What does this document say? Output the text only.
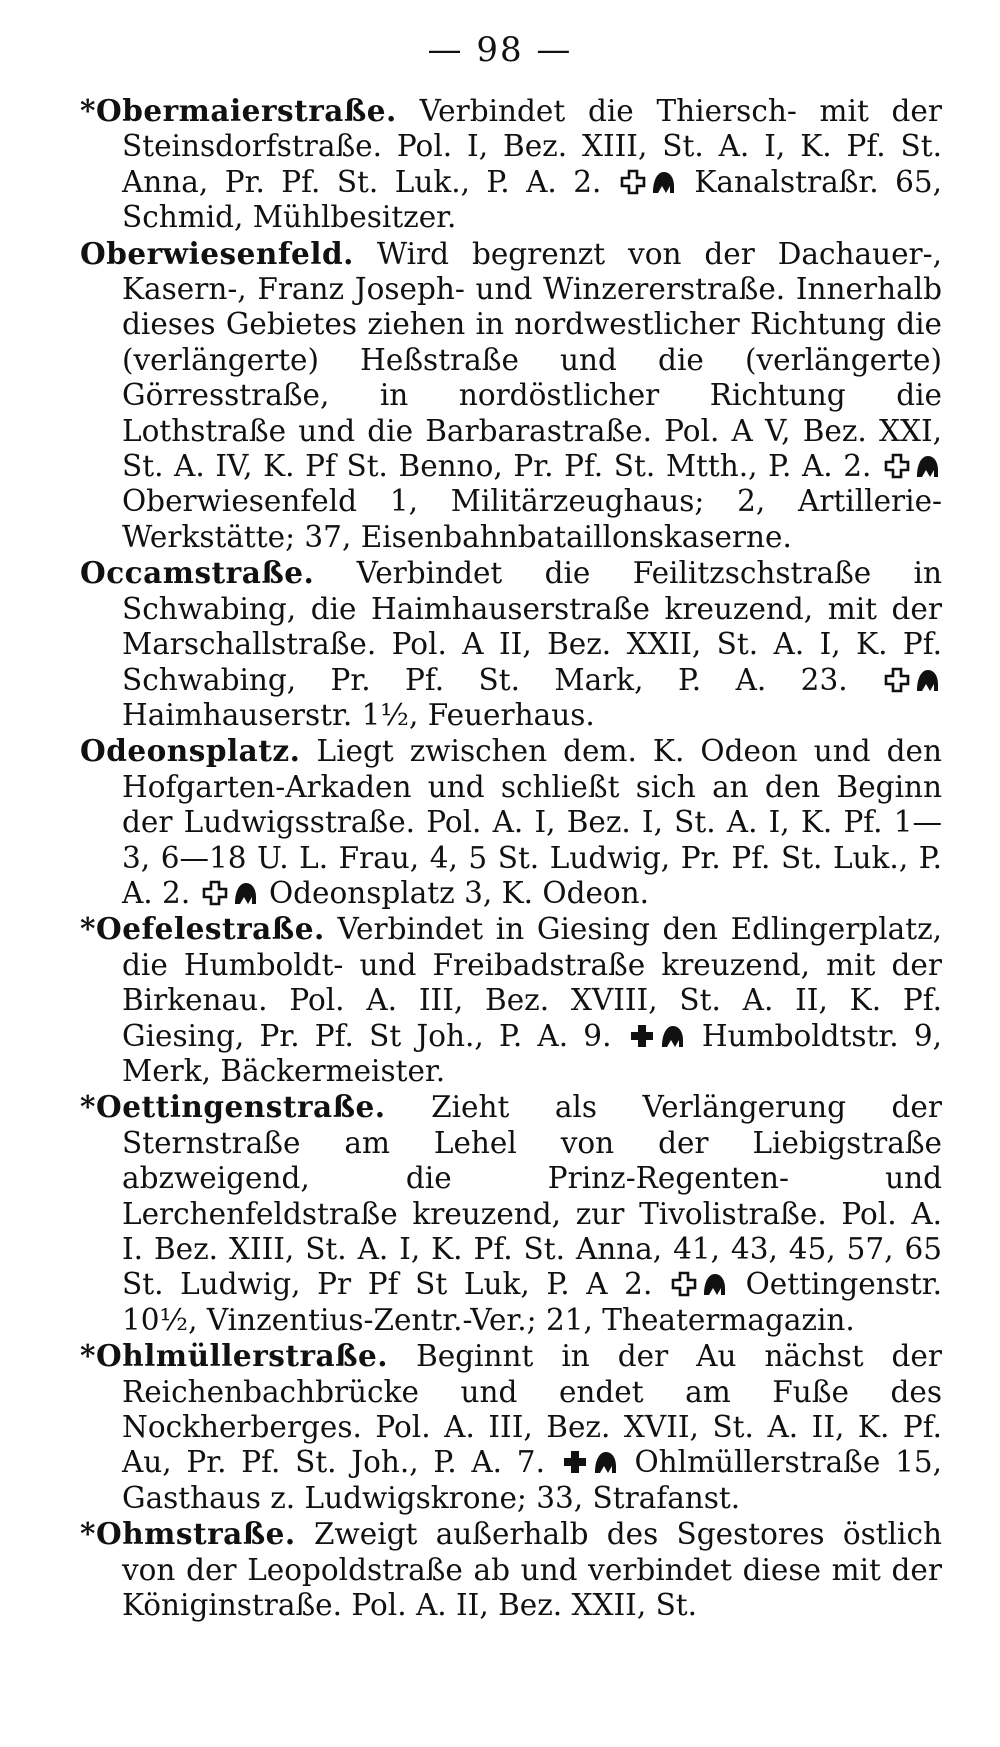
— 98 —

*Obermaierstraße. Verbindet die Thiersch- mit der Steinsdorfstraße. Pol. I, Bez. XIII, St. A. I, K. Pf. St. Anna, Pr. Pf. St. Luk., P. A. 2.
Kanalstraßr. 65, Schmid, Mühlbesitzer.

Oberwiesenfeld. Wird begrenzt von der Dachauer-, Kasern-, Franz Joseph- und Winzererstraße. Innerhalb dieses Gebietes ziehen in nordwestlicher Richtung die (verlängerte) Heßstraße und die (verlängerte) Görresstraße, in nordöstlicher Richtung die Lothstraße und die Barbarastraße. Pol. A V, Bez. XXI, St. A. IV, K. Pf St. Benno, Pr. Pf. St. Mtth., P. A. 2.
Oberwiesenfeld 1, Militärzeughaus; 2, Artillerie-Werkstätte; 37, Eisenbahnbataillonskaserne.

Occamstraße. Verbindet die Feilitzschstraße in Schwabing, die Haimhauserstraße kreuzend, mit der Marschallstraße. Pol. A II, Bez. XXII, St. A. I, K. Pf. Schwabing, Pr. Pf. St. Mark, P. A. 23.
Haimhauserstr. 1½, Feuerhaus.

Odeonsplatz. Liegt zwischen dem. K. Odeon und den Hofgarten-Arkaden und schließt sich an den Beginn der Ludwigsstraße. Pol. A. I, Bez. I, St. A. I, K. Pf. 1—3, 6—18 U. L. Frau, 4, 5 St. Ludwig, Pr. Pf. St. Luk., P. A. 2.
Odeonsplatz 3, K. Odeon.

*Oefelestraße. Verbindet in Giesing den Edlingerplatz, die Humboldt- und Freibadstraße kreuzend, mit der Birkenau. Pol. A. III, Bez. XVIII, St. A. II, K. Pf. Giesing, Pr. Pf. St Joh., P. A. 9.
Humboldtstr. 9, Merk, Bäckermeister.

*Oettingenstraße. Zieht als Verlängerung der Sternstraße am Lehel von der Liebigstraße abzweigend, die Prinz-Regenten- und Lerchenfeldstraße kreuzend, zur Tivolistraße. Pol. A. I. Bez. XIII, St. A. I, K. Pf. St. Anna, 41, 43, 45, 57, 65 St. Ludwig, Pr Pf St Luk, P. A 2.
Oettingenstr. 10½, Vinzentius-Zentr.-Ver.; 21, Theatermagazin.

*Ohlmüllerstraße. Beginnt in der Au nächst der Reichenbachbrücke und endet am Fuße des Nockherberges. Pol. A. III, Bez. XVII, St. A. II, K. Pf. Au, Pr. Pf. St. Joh., P. A. 7.
Ohlmüllerstraße 15, Gasthaus z. Ludwigskrone; 33, Strafanst.

*Ohmstraße. Zweigt außerhalb des Sgestores östlich von der Leopoldstraße ab und verbindet diese mit der Königinstraße. Pol. A. II, Bez. XXII, St.
